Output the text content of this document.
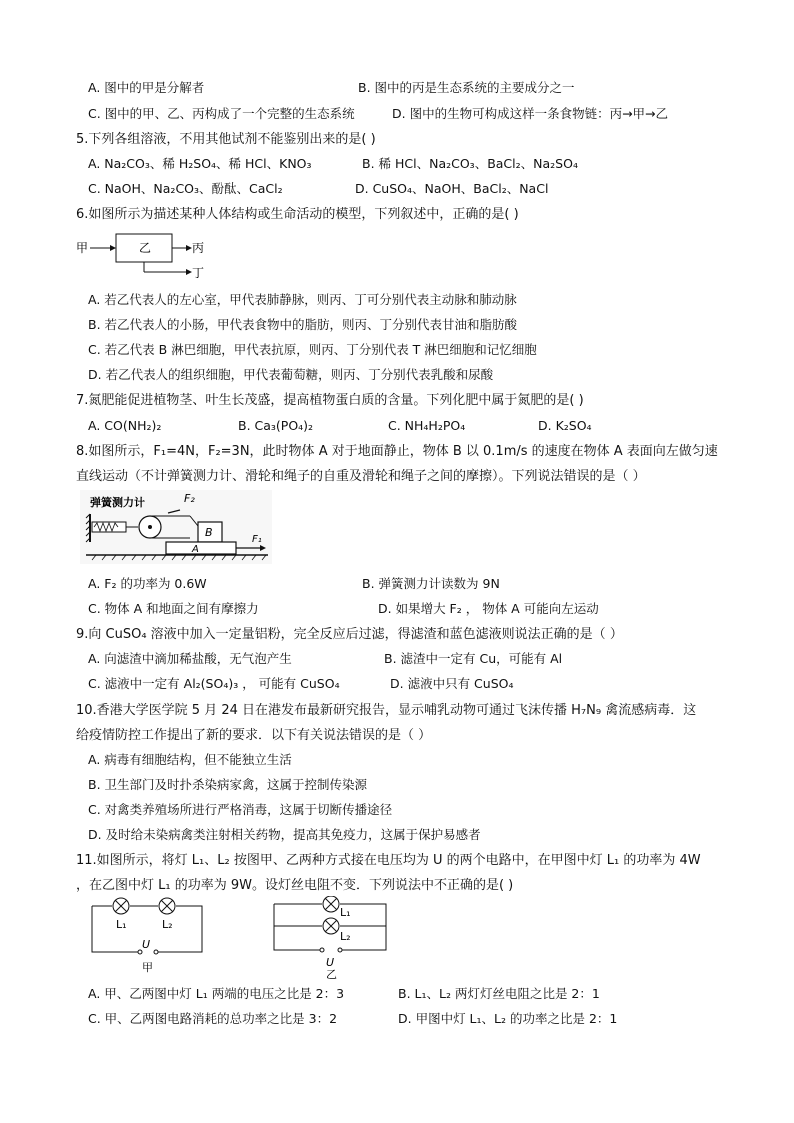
A. 图中的甲是分解者	B. 图中的丙是生态系统的主要成分之一
C. 图中的甲、乙、丙构成了一个完整的生态系统	D. 图中的生物可构成这样一条食物链：丙→甲→乙
5.下列各组溶液，不用其他试剂不能鉴别出来的是( )
A. Na₂CO₃、稀 H₂SO₄、稀 HCl、KNO₃	B. 稀 HCl、Na₂CO₃、BaCl₂、Na₂SO₄
C. NaOH、Na₂CO₃、酚酞、CaCl₂	D. CuSO₄、NaOH、BaCl₂、NaCl
6.如图所示为描述某种人体结构或生命活动的模型，下列叙述中，正确的是( )
甲	乙	丙
丁
A. 若乙代表人的左心室，甲代表肺静脉，则丙、丁可分别代表主动脉和肺动脉
B. 若乙代表人的小肠，甲代表食物中的脂肪，则丙、丁分别代表甘油和脂肪酸
C. 若乙代表 B 淋巴细胞，甲代表抗原，则丙、丁分别代表 T 淋巴细胞和记忆细胞
D. 若乙代表人的组织细胞，甲代表葡萄糖，则丙、丁分别代表乳酸和尿酸
7.氮肥能促进植物茎、叶生长茂盛，提高植物蛋白质的含量。下列化肥中属于氮肥的是( )
A. CO(NH₂)₂	B. Ca₃(PO₄)₂	C. NH₄H₂PO₄	D. K₂SO₄
8.如图所示，F₁=4N，F₂=3N，此时物体 A 对于地面静止，物体 B 以 0.1m/s 的速度在物体 A 表面向左做匀速
直线运动（不计弹簧测力计、滑轮和绳子的自重及滑轮和绳子之间的摩擦）。下列说法错误的是（ ）
弹簧测力计	F₂
B
A
F₁
A. F₂ 的功率为 0.6W	B. 弹簧测力计读数为 9N
C. 物体 A 和地面之间有摩擦力	D. 如果增大 F₂ ， 物体 A 可能向左运动
9.向 CuSO₄ 溶液中加入一定量铝粉，完全反应后过滤，得滤渣和蓝色滤液则说法正确的是（ ）
A. 向滤渣中滴加稀盐酸，无气泡产生	B. 滤渣中一定有 Cu，可能有 Al
C. 滤液中一定有 Al₂(SO₄)₃ ， 可能有 CuSO₄	D. 滤液中只有 CuSO₄
10.香港大学医学院 5 月 24 日在港发布最新研究报告，显示哺乳动物可通过飞沫传播 H₇N₉ 禽流感病毒．这
给疫情防控工作提出了新的要求．以下有关说法错误的是（ ）
A. 病毒有细胞结构，但不能独立生活
B. 卫生部门及时扑杀染病家禽，这属于控制传染源
C. 对禽类养殖场所进行严格消毒，这属于切断传播途径
D. 及时给未染病禽类注射相关药物，提高其免疫力，这属于保护易感者
11.如图所示，将灯 L₁、L₂ 按图甲、乙两种方式接在电压均为 U 的两个电路中，在甲图中灯 L₁ 的功率为 4W
，在乙图中灯 L₁ 的功率为 9W。设灯丝电阻不变．下列说法中不正确的是( )
L₁	L₂
U
甲
L₁
L₂
U
乙
A. 甲、乙两图中灯 L₁ 两端的电压之比是 2：3	B. L₁、L₂ 两灯灯丝电阻之比是 2：1
C. 甲、乙两图电路消耗的总功率之比是 3：2	D. 甲图中灯 L₁、L₂ 的功率之比是 2：1
